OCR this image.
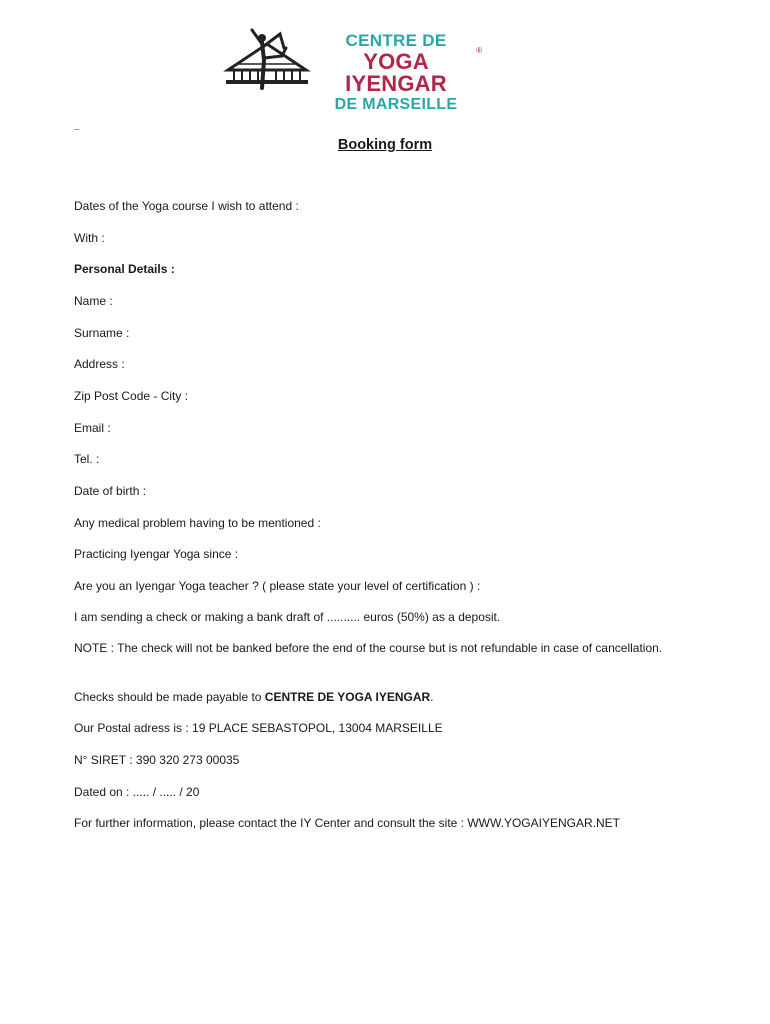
CENTRE DE
YOGA IYENGAR
DE MARSEILLE
®
–
Booking form
Dates of the Yoga course I wish to attend :
With :
Personal Details :
Name :
Surname :
Address :
Zip Post Code - City :
Email :
Tel. :
Date of birth :
Any medical problem having to be mentioned :
Practicing Iyengar Yoga since :
Are you an Iyengar Yoga teacher ? ( please state your level of certification ) :
I am sending a check or making a bank draft of .......... euros (50%) as a deposit.
NOTE : The check will not be banked before the end of the course but is not refundable in case of cancellation.
Checks should be made payable to CENTRE DE YOGA IYENGAR.
Our Postal adress is : 19 PLACE SEBASTOPOL, 13004 MARSEILLE
N° SIRET : 390 320 273 00035
Dated on : ..... / ..... / 20
For further information, please contact the IY Center and consult the site : WWW.YOGAIYENGAR.NET
